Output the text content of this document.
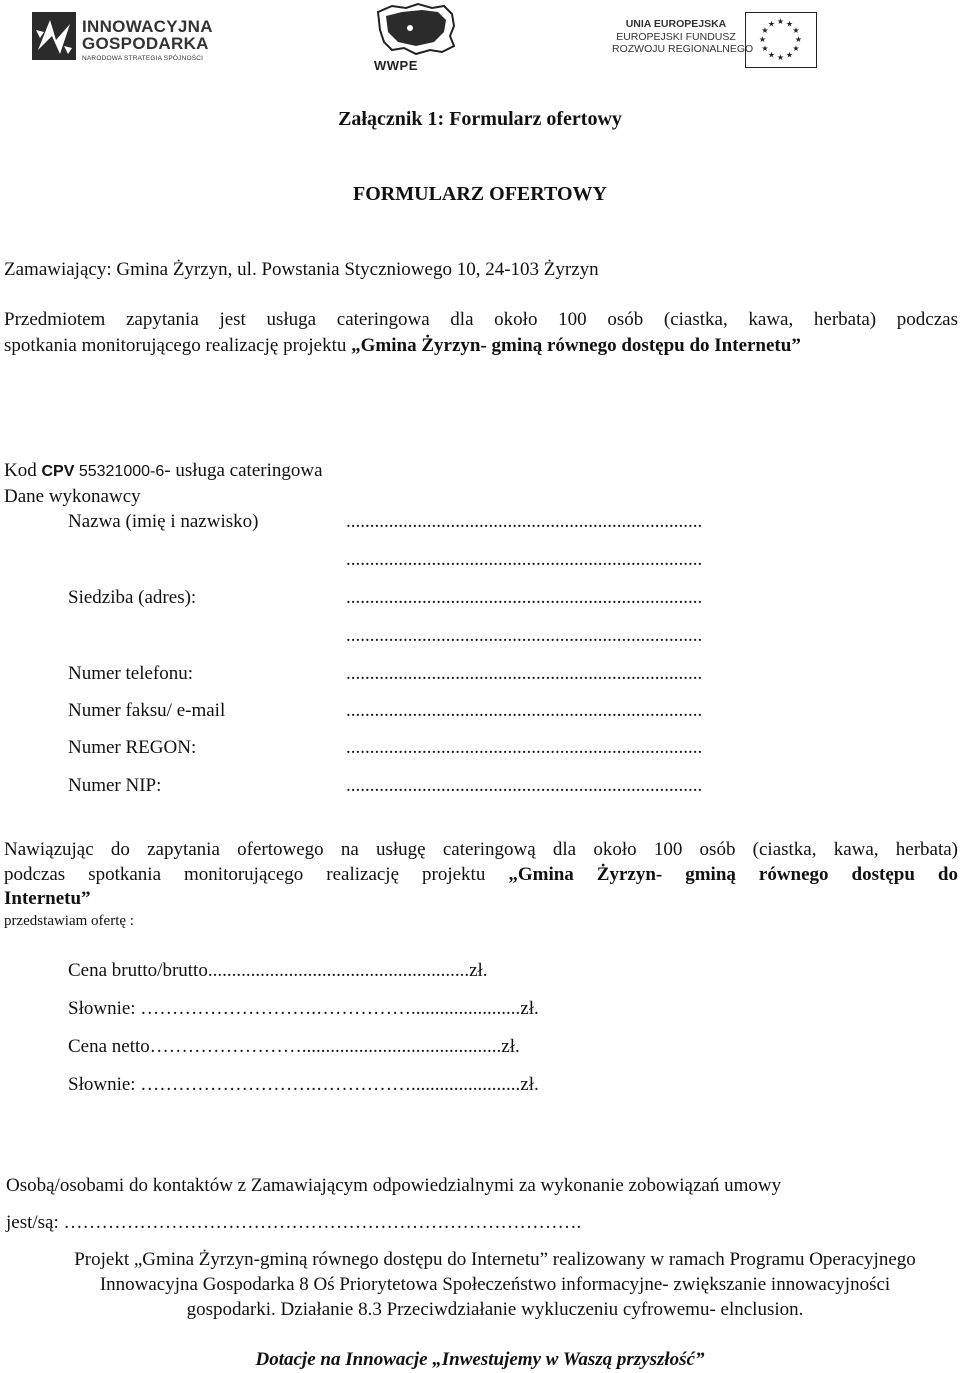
INNOWACYJNA
GOSPODARKA
NARODOWA STRATEGIA SPÓJNOŚCI	WWPE
UNIA EUROPEJSKA
EUROPEJSKI FUNDUSZ
ROZWOJU REGIONALNEGO
★ ★
★
★
★
★
★
★
★
★
★
★
Załącznik 1: Formularz ofertowy
FORMULARZ OFERTOWY
Zamawiający: Gmina Żyrzyn, ul. Powstania Styczniowego 10, 24-103 Żyrzyn
Przedmiotem zapytania jest usługa cateringowa dla około 100 osób (ciastka, kawa, herbata) podczas
spotkania monitorującego realizację projektu „Gmina Żyrzyn- gminą równego dostępu do Internetu”
Kod CPV 55321000-6- usługa cateringowa
Dane wykonawcy
Nazwa (imię i nazwisko)	...........................................................................
...........................................................................
Siedziba (adres):	...........................................................................
...........................................................................
Numer telefonu:	...........................................................................
Numer faksu/ e-mail	...........................................................................
Numer REGON:	...........................................................................
Numer NIP:	...........................................................................
Nawiązując do zapytania ofertowego na usługę cateringową dla około 100 osób (ciastka, kawa, herbata)
podczas spotkania monitorującego realizację projektu „Gmina Żyrzyn- gminą równego dostępu do
Internetu”
przedstawiam ofertę :
Cena brutto/brutto.......................................................zł.
Słownie: ……………………….…………….......................zł.
Cena netto……………………..........................................zł.
Słownie: ……………………….…………….......................zł.
Osobą/osobami do kontaktów z Zamawiającym odpowiedzialnymi za wykonanie zobowiązań umowy
jest/są: ……………………………………………………………………….
Projekt „Gmina Żyrzyn-gminą równego dostępu do Internetu” realizowany w ramach Programu Operacyjnego Innowacyjna Gospodarka 8 Oś Priorytetowa Społeczeństwo informacyjne- zwiększanie innowacyjności gospodarki. Działanie 8.3 Przeciwdziałanie wykluczeniu cyfrowemu- elnclusion.
Dotacje na Innowacje „Inwestujemy w Waszą przyszłość”
